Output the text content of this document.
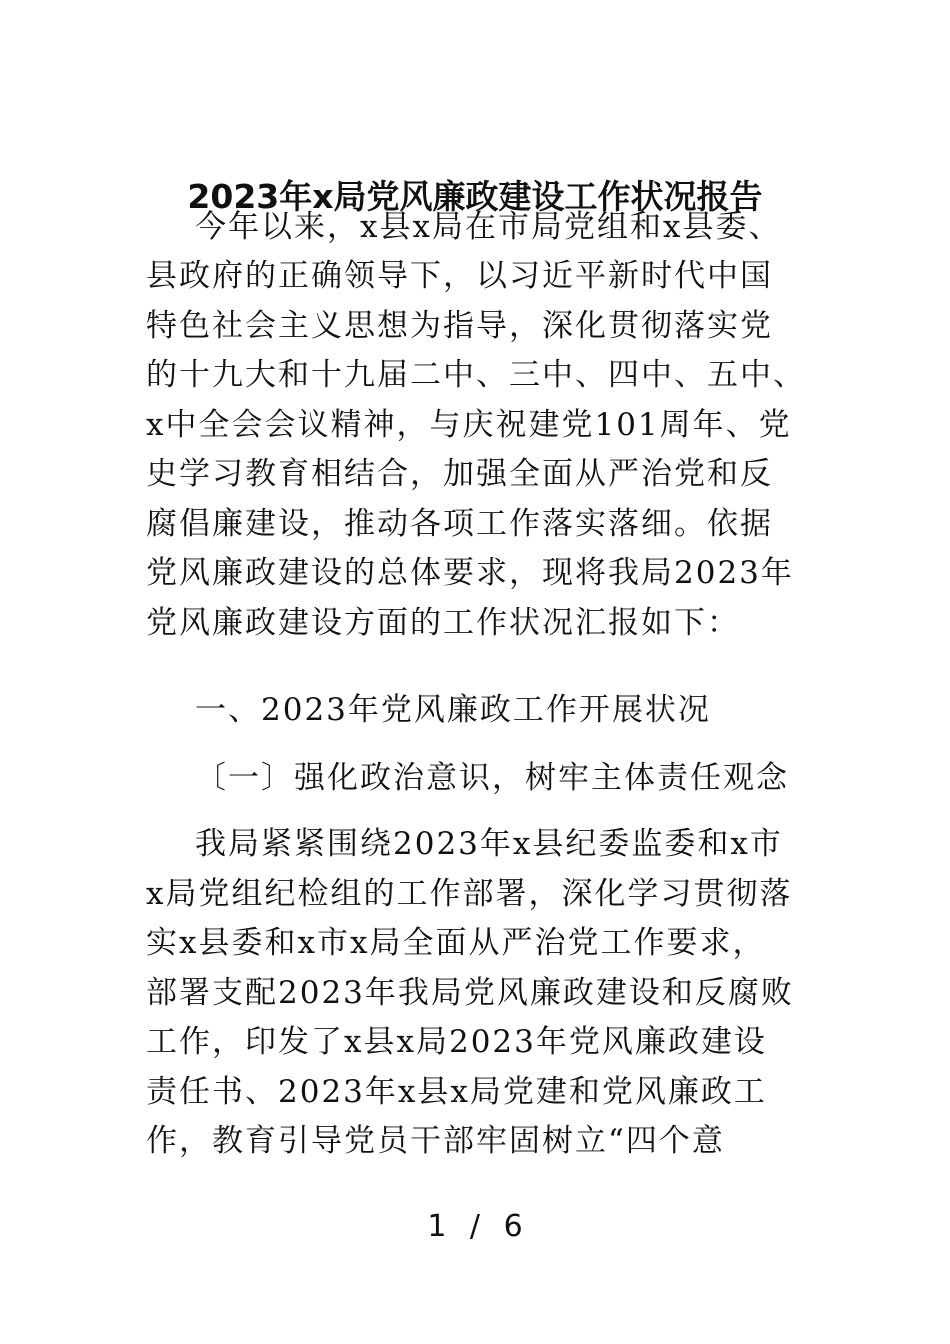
2023年x局党风廉政建设工作状况报告
今年以来，x县x局在市局党组和x县委、
县政府的正确领导下，以习近平新时代中国
特色社会主义思想为指导，深化贯彻落实党
的十九大和十九届二中、三中、四中、五中、
x中全会会议精神，与庆祝建党101周年、党
史学习教育相结合，加强全面从严治党和反
腐倡廉建设，推动各项工作落实落细。依据
党风廉政建设的总体要求，现将我局2023年
党风廉政建设方面的工作状况汇报如下：
一、2023年党风廉政工作开展状况
〔一〕强化政治意识，树牢主体责任观念
我局紧紧围绕2023年x县纪委监委和x市
x局党组纪检组的工作部署，深化学习贯彻落
实x县委和x市x局全面从严治党工作要求，
部署支配2023年我局党风廉政建设和反腐败
工作，印发了x县x局2023年党风廉政建设
责任书、2023年x县x局党建和党风廉政工
作，教育引导党员干部牢固树立“四个意
1 / 6
